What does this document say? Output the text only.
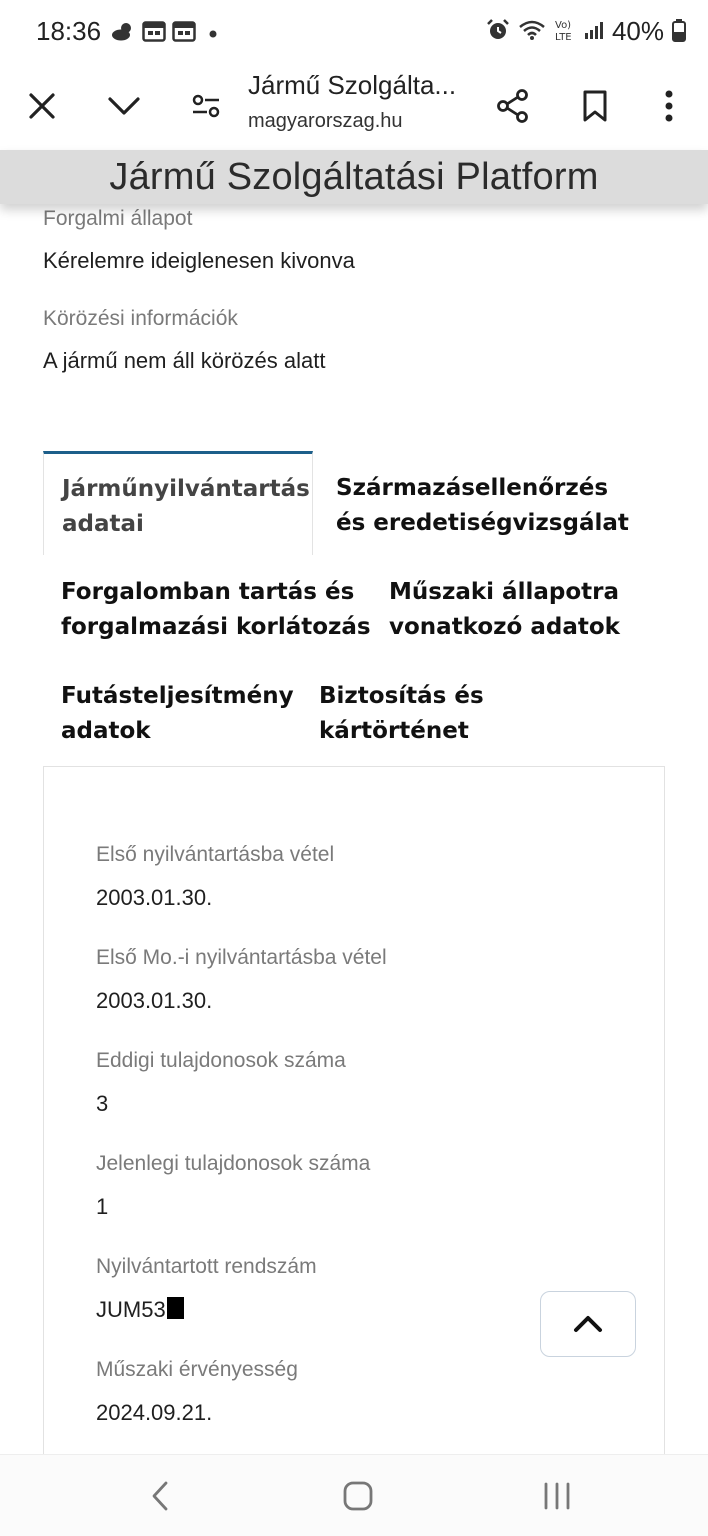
18:36	Vo)
LTE 40%
Jármű Szolgálta...
magyarorszag.hu
Jármű Szolgáltatási Platform
Forgalmi állapot
Kérelemre ideiglenesen kivonva
Körözési információk
A jármű nem áll körözés alatt
Járműnyilvántartás
adatai
Származásellenőrzés
és eredetiségvizsgálat
Forgalomban tartás és
forgalmazási korlátozás
Műszaki állapotra
vonatkozó adatok
Futásteljesítmény
adatok
Biztosítás és
kártörténet
Első nyilvántartásba vétel
2003.01.30.
Első Mo.-i nyilvántartásba vétel
2003.01.30.
Eddigi tulajdonosok száma
3
Jelenlegi tulajdonosok száma
1
Nyilvántartott rendszám
JUM53
Műszaki érvényesség
2024.09.21.
